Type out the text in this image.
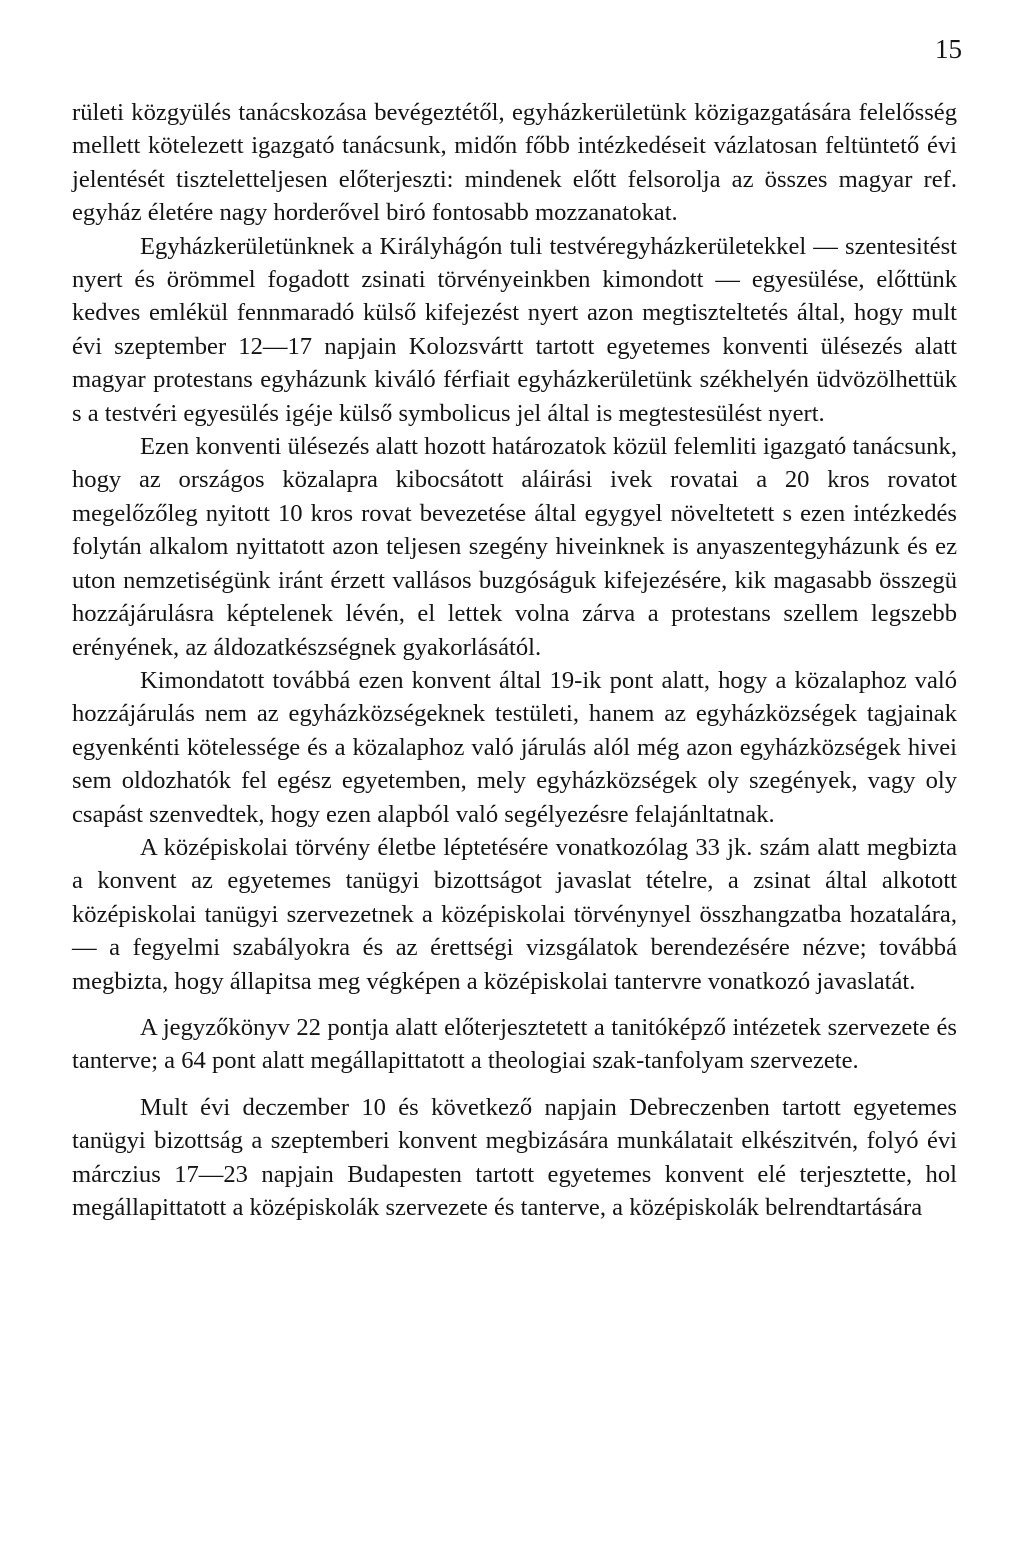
15

rületi közgyülés tanácskozása bevégeztétől, egyházkerületünk közigazgatására felelősség mellett kötelezett igazgató tanácsunk, midőn főbb intézkedéseit vázlatosan feltüntető évi jelentését tiszteletteljesen előterjeszti: mindenek előtt felsorolja az összes magyar ref. egyház életére nagy horderővel biró fontosabb mozzanatokat.

Egyházkerületünknek a Királyhágón tuli testvéregyházkerületekkel — szentesitést nyert és örömmel fogadott zsinati törvényeinkben kimondott — egyesülése, előttünk kedves emlékül fennmaradó külső kifejezést nyert azon megtiszteltetés által, hogy mult évi szeptember 12—17 napjain Kolozsvártt tartott egyetemes konventi ülésezés alatt magyar protestans egyházunk kiváló férfiait egyházkerületünk székhelyén üdvözölhettük s a testvéri egyesülés igéje külső symbolicus jel által is megtestesülést nyert.

Ezen konventi ülésezés alatt hozott határozatok közül felemliti igazgató tanácsunk, hogy az országos közalapra kibocsátott aláirási ivek rovatai a 20 kros rovatot megelőzőleg nyitott 10 kros rovat bevezetése által egygyel növeltetett s ezen intézkedés folytán alkalom nyittatott azon teljesen szegény hiveinknek is anyaszentegyházunk és ez uton nemzetiségünk iránt érzett vallásos buzgóságuk kifejezésére, kik magasabb összegü hozzájárulásra képtelenek lévén, el lettek volna zárva a protestans szellem legszebb erényének, az áldozatkészségnek gyakorlásától.

Kimondatott továbbá ezen konvent által 19-ik pont alatt, hogy a közalaphoz való hozzájárulás nem az egyházközségeknek testületi, hanem az egyházközségek tagjainak egyenkénti kötelessége és a közalaphoz való járulás alól még azon egyházközségek hivei sem oldozhatók fel egész egyetemben, mely egyházközségek oly szegények, vagy oly csapást szenvedtek, hogy ezen alapból való segélyezésre felajánltatnak.

A középiskolai törvény életbe léptetésére vonatkozólag 33 jk. szám alatt megbizta a konvent az egyetemes tanügyi bizottságot javaslat tételre, a zsinat által alkotott középiskolai tanügyi szervezetnek a középiskolai törvénynyel összhangzatba hozatalára, — a fegyelmi szabályokra és az érettségi vizsgálatok berendezésére nézve; továbbá megbizta, hogy állapitsa meg végképen a középiskolai tantervre vonatkozó javaslatát.

A jegyzőkönyv 22 pontja alatt előterjesztetett a tanitóképző intézetek szervezete és tanterve; a 64 pont alatt megállapittatott a theologiai szak-tanfolyam szervezete.

Mult évi deczember 10 és következő napjain Debreczenben tartott egyetemes tanügyi bizottság a szeptemberi konvent megbizására munkálatait elkészitvén, folyó évi márczius 17—23 napjain Budapesten tartott egyetemes konvent elé terjesztette, hol megállapittatott a középiskolák szervezete és tanterve, a középiskolák belrendtartására
